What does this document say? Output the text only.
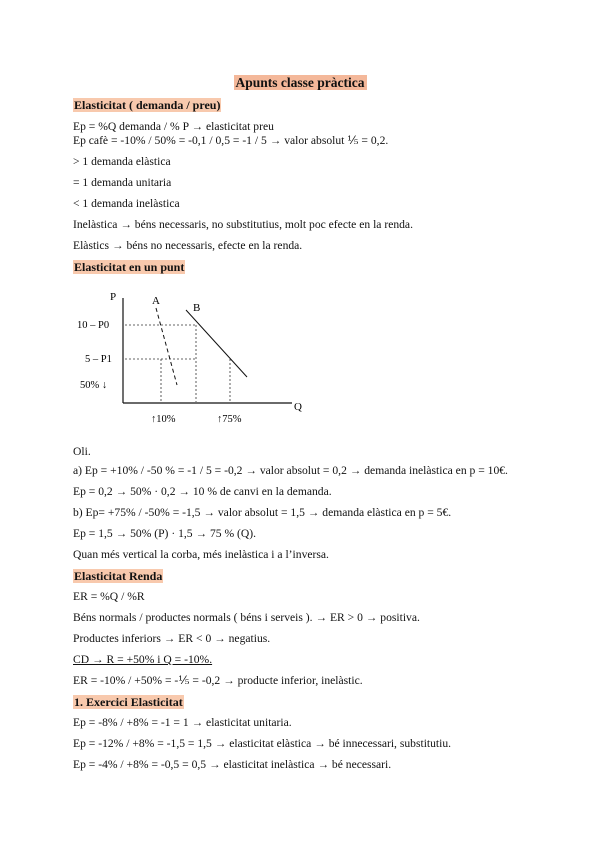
Apunts classe pràctica
Elasticitat ( demanda / preu)
Ep = %Q demanda / % P → elasticitat preu
Ep cafè = -10% / 50% = -0,1 / 0,5 = -1 / 5 → valor absolut ⅕ = 0,2.
> 1 demanda elàstica
= 1 demanda unitaria
< 1 demanda inelàstica
Inelàstica → béns necessaris, no substitutius, molt poc efecte en la renda.
Elàstics → béns no necessaris, efecte en la renda.
Elasticitat en un punt
P
Q
A
B
10 – P0
5 – P1
50% ↓
↑10%	↑75%
Oli.
a) Ep = +10% / -50 % = -1 / 5 = -0,2 → valor absolut = 0,2 → demanda inelàstica en p = 10€.
Ep = 0,2 → 50% · 0,2 → 10 % de canvi en la demanda.
b) Ep= +75% / -50% = -1,5 → valor absolut = 1,5 → demanda elàstica en p = 5€.
Ep = 1,5 → 50% (P) · 1,5 → 75 % (Q).
Quan més vertical la corba, més inelàstica i a l’inversa.
Elasticitat Renda
ER = %Q / %R
Béns normals / productes normals ( béns i serveis ). → ER > 0 → positiva.
Productes inferiors → ER < 0 → negatius.
CD → R = +50% i Q = -10%.
ER = -10% / +50% = -⅕ = -0,2 → producte inferior, inelàstic.
1. Exercici Elasticitat
Ep = -8% / +8% = -1 = 1 → elasticitat unitaria.
Ep = -12% / +8% = -1,5 = 1,5 → elasticitat elàstica → bé innecessari, substitutiu.
Ep = -4% / +8% = -0,5 = 0,5 → elasticitat inelàstica → bé necessari.
